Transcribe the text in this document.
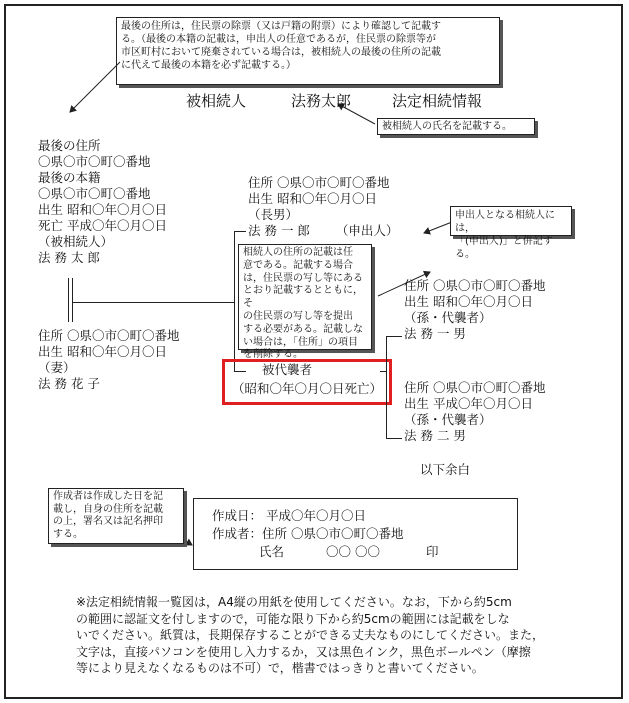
最後の住所は，住民票の除票（又は戸籍の附票）により確認して記載す
る。（最後の本籍の記載は，申出人の任意であるが，住民票の除票等が
市区町村において廃棄されている場合は，被相続人の最後の住所の記載
に代えて最後の本籍を必ず記載する。）
被相続人	法務太郎	法定相続情報
被相続人の氏名を記載する。
最後の住所
〇県〇市〇町〇番地
最後の本籍
〇県〇市〇町〇番地
出生 昭和〇年〇月〇日
死亡 平成〇年〇月〇日
（被相続人）
法 務 太 郎
住所 〇県〇市〇町〇番地
出生 昭和〇年〇月〇日
（妻）
法 務 花 子
住所 〇県〇市〇町〇番地
出生 昭和〇年〇月〇日
（長男）
法 務 一 郎 （申出人）
申出人となる相続人には，
「(申出人)」と併記する。
相続人の住所の記載は任
意である。記載する場合
は，住民票の写し等にある
とおり記載するとともに，そ
の住民票の写し等を提出
する必要がある。記載しな
い場合は，「住所」の項目
を削除する。
被代襲者
（昭和〇年〇月〇日死亡）
住所 〇県〇市〇町〇番地
出生 昭和〇年〇月〇日
（孫・代襲者）
法 務 一 男
住所 〇県〇市〇町〇番地
出生 平成〇年〇月〇日
（孫・代襲者）
法 務 二 男
以下余白
作成者は作成した日を記
載し，自身の住所を記載
の上，署名又は記名押印
する。
作成日： 平成〇年〇月〇日
作成者：住所 〇県〇市〇町〇番地
氏名	〇〇 〇〇	印
※法定相続情報一覧図は，A4縦の用紙を使用してください。なお，下から約5cm
の範囲に認証文を付しますので，可能な限り下から約5cmの範囲には記載をしな
いでください。紙質は，長期保存することができる丈夫なものにしてください。また，
文字は，直接パソコンを使用し入力するか，又は黒色インク，黒色ボールペン（摩擦
等により見えなくなるものは不可）で，楷書ではっきりと書いてください。
